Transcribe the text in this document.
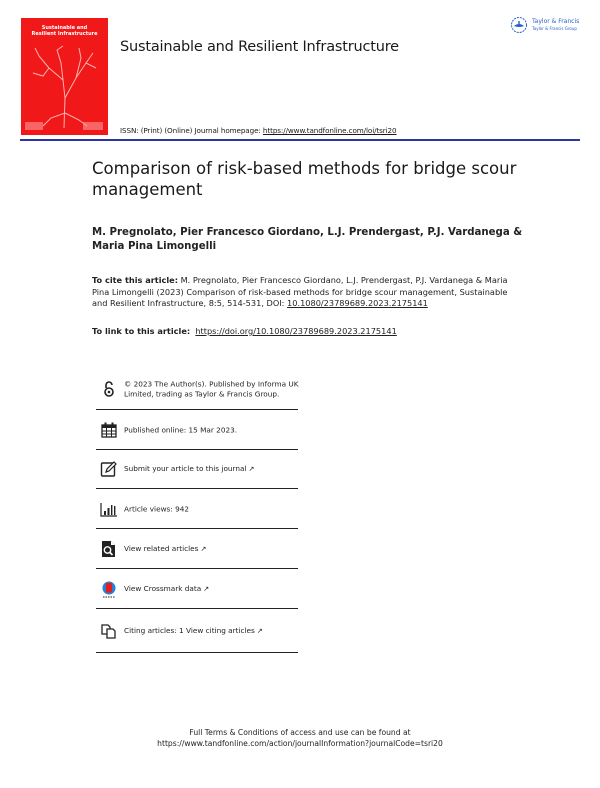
Sustainable and
Resilient Infrastructure
Sustainable and Resilient Infrastructure
Taylor & Francis
Taylor & Francis Group
ISSN: (Print) (Online) Journal homepage: https://www.tandfonline.com/loi/tsri20
Comparison of risk-based methods for bridge scour management
M. Pregnolato, Pier Francesco Giordano, L.J. Prendergast, P.J. Vardanega & Maria Pina Limongelli
To cite this article: M. Pregnolato, Pier Francesco Giordano, L.J. Prendergast, P.J. Vardanega & Maria Pina Limongelli (2023) Comparison of risk-based methods for bridge scour management, Sustainable and Resilient Infrastructure, 8:5, 514-531, DOI: 10.1080/23789689.2023.2175141
To link to this article: https://doi.org/10.1080/23789689.2023.2175141
© 2023 The Author(s). Published by Informa UK Limited, trading as Taylor & Francis Group.
Published online: 15 Mar 2023.
Submit your article to this journal ↗
Article views: 942
View related articles ↗
View Crossmark data ↗
Citing articles: 1 View citing articles ↗
Full Terms & Conditions of access and use can be found at
https://www.tandfonline.com/action/journalInformation?journalCode=tsri20
